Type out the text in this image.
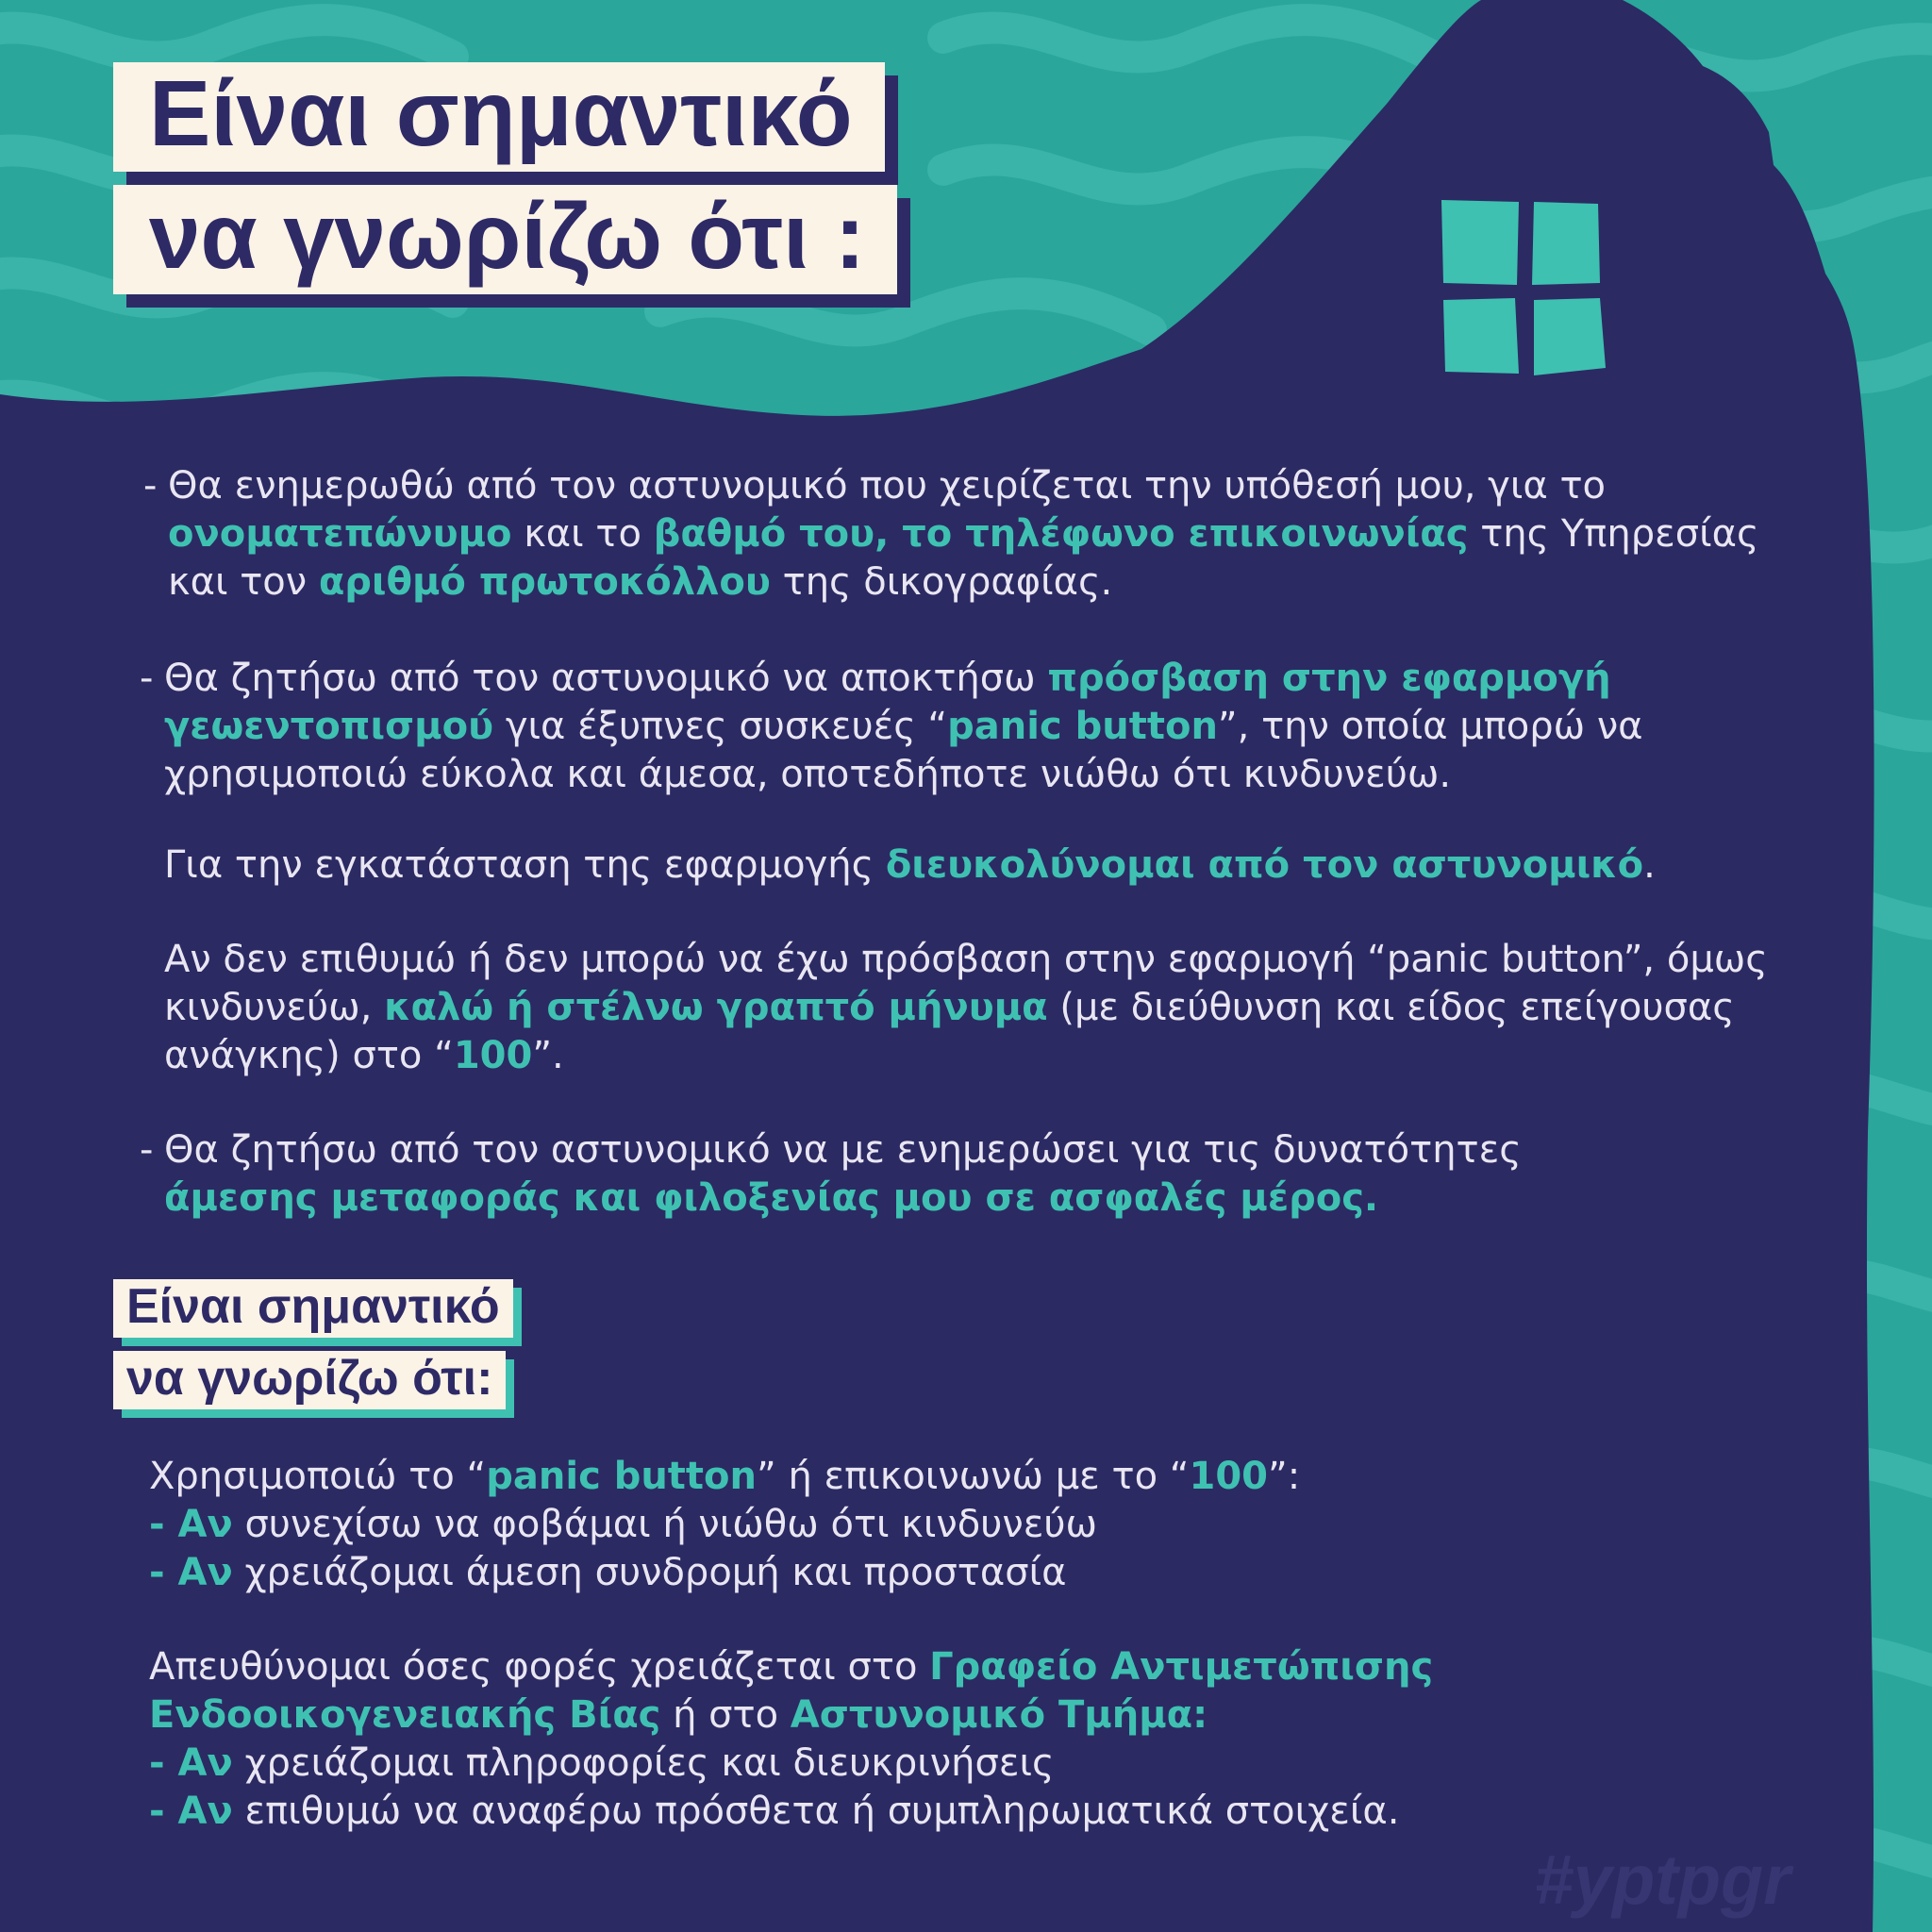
Είναι σημαντικό
να γνωρίζω ότι :
- Θα ενημερωθώ από τον αστυνομικό που χειρίζεται την υπόθεσή μου, για το
ονοματεπώνυμο και το βαθμό του, το τηλέφωνο επικοινωνίας της Υπηρεσίας και τον αριθμό πρωτοκόλλου της δικογραφίας.
- Θα ζητήσω από τον αστυνομικό να αποκτήσω πρόσβαση στην εφαρμογή γεωεντοπισμού για έξυπνες συσκευές “panic button”, την οποία μπορώ να χρησιμοποιώ εύκολα και άμεσα, οποτεδήποτε νιώθω ότι κινδυνεύω.
Για την εγκατάσταση της εφαρμογής διευκολύνομαι από τον αστυνομικό.
Αν δεν επιθυμώ ή δεν μπορώ να έχω πρόσβαση στην εφαρμογή “panic button”, όμως κινδυνεύω, καλώ ή στέλνω γραπτό μήνυμα (με διεύθυνση και είδος επείγουσας ανάγκης) στο “100”.
- Θα ζητήσω από τον αστυνομικό να με ενημερώσει για τις δυνατότητες
άμεσης μεταφοράς και φιλοξενίας μου σε ασφαλές μέρος.
Είναι σημαντικό
να γνωρίζω ότι:
Χρησιμοποιώ το “panic button” ή επικοινωνώ με το “100”:
- Αν συνεχίσω να φοβάμαι ή νιώθω ότι κινδυνεύω
- Αν χρειάζομαι άμεση συνδρομή και προστασία
Απευθύνομαι όσες φορές χρειάζεται στο Γραφείο Αντιμετώπισης Ενδοοικογενειακής Βίας ή στο Αστυνομικό Τμήμα:
- Αν χρειάζομαι πληροφορίες και διευκρινήσεις
- Αν επιθυμώ να αναφέρω πρόσθετα ή συμπληρωματικά στοιχεία.
#yptpgr
